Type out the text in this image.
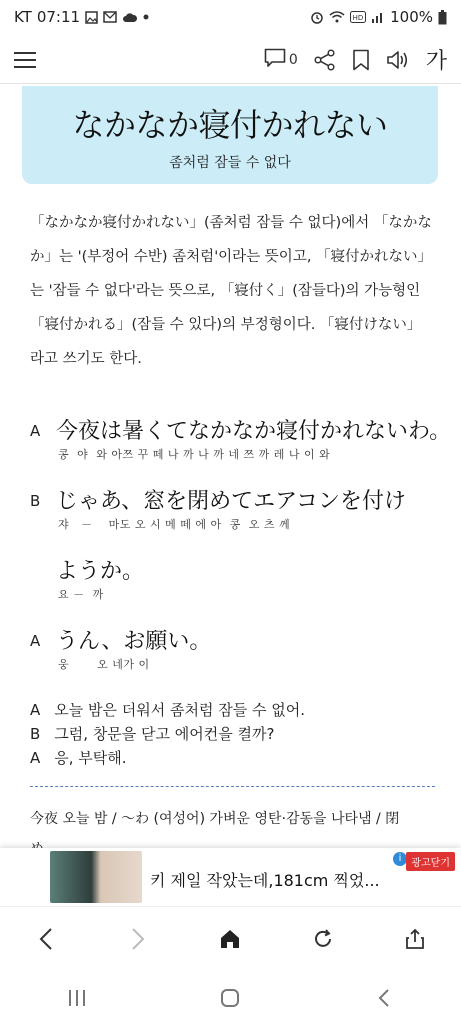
KT 07:11	HD 100%
0	가
なかなか寝付かれない
좀처럼 잠들 수 없다
「なかなか寝付かれない」(좀처럼 잠들 수 없다)에서 「なかなか」는 '(부정어 수반) 좀처럼'이라는 뜻이고, 「寝付かれない」는 '잠들 수 없다'라는 뜻으로, 「寝付く」(잠들다)의 가능형인 「寝付かれる」(잠들 수 있다)의 부정형이다. 「寝付けない」라고 쓰기도 한다.
A 今夜は暑くてなかなか寝付かれないわ。
콩  야  와 아쯔 꾸 떼 나 까 나 까 네 쯔 까 레 나 이 와
B じゃあ、窓を閉めてエアコンを付け
쟈   －    마도 오 시 메 떼 에 아  콩  오 츠 께
ようか。
요 －  까
A うん、お願い。
웅       오 네가 이
A 오늘 밤은 더워서 좀처럼 잠들 수 없어.
B 그럼, 창문을 닫고 에어컨을 켤까?
A 응, 부탁해.
今夜 오늘 밤 / 〜わ (여성어) 가벼운 영탄·감동을 나타냄 / 閉
키 제일 작았는데,181cm 찍었...
i 광고닫기
